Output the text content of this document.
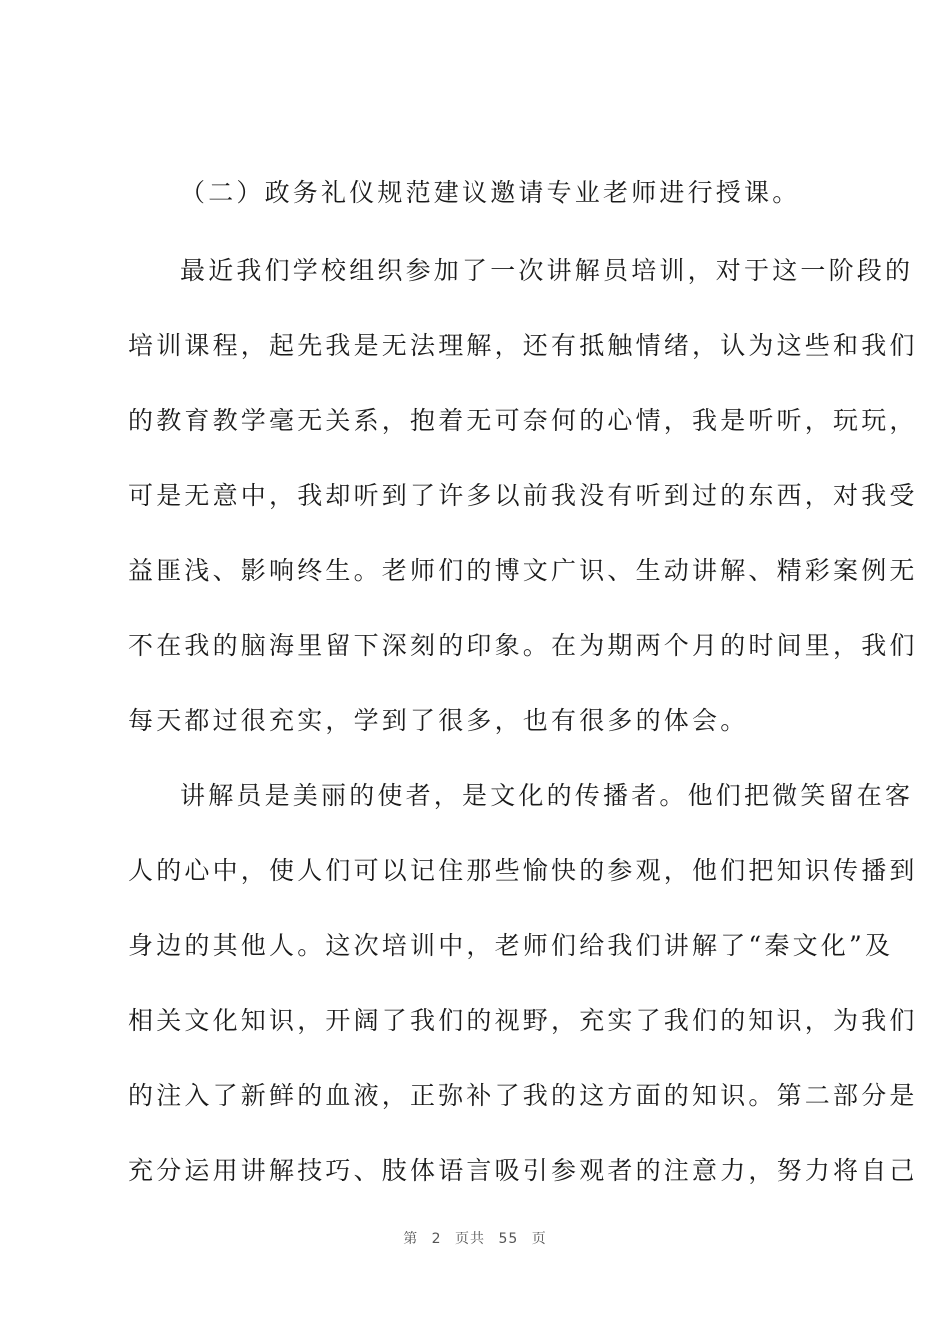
（二）政务礼仪规范建议邀请专业老师进行授课。
最近我们学校组织参加了一次讲解员培训，对于这一阶段的
培训课程，起先我是无法理解，还有抵触情绪，认为这些和我们
的教育教学毫无关系，抱着无可奈何的心情，我是听听，玩玩，
可是无意中，我却听到了许多以前我没有听到过的东西，对我受
益匪浅、影响终生。老师们的博文广识、生动讲解、精彩案例无
不在我的脑海里留下深刻的印象。在为期两个月的时间里，我们
每天都过很充实，学到了很多，也有很多的体会。
讲解员是美丽的使者，是文化的传播者。他们把微笑留在客
人的心中，使人们可以记住那些愉快的参观，他们把知识传播到
身边的其他人。这次培训中，老师们给我们讲解了“秦文化”及
相关文化知识，开阔了我们的视野，充实了我们的知识，为我们
的注入了新鲜的血液，正弥补了我的这方面的知识。第二部分是
充分运用讲解技巧、肢体语言吸引参观者的注意力，努力将自己
第 2 页共 55 页
